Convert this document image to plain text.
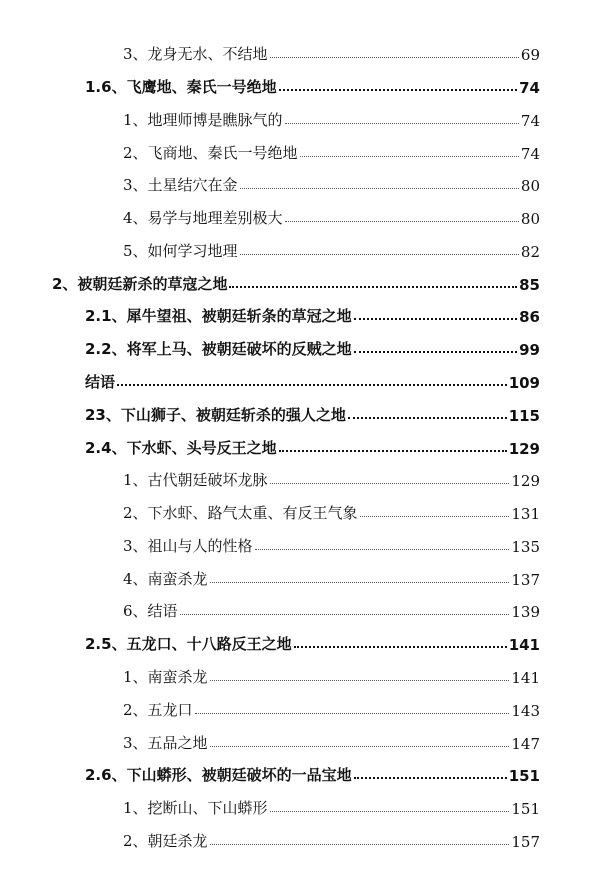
3、龙身无水、不结地	69
1.6、飞鹰地、秦氏一号绝地	74
1、地理师博是瞧脉气的	74
2、飞商地、秦氏一号绝地	74
3、土星结穴在金	80
4、易学与地理差别极大	80
5、如何学习地理	82
2、被朝廷新杀的草寇之地	85
2.1、犀牛望祖、被朝廷斩条的草冠之地	86
2.2、将军上马、被朝廷破坏的反贼之地	99
结语	109
23、下山狮子、被朝廷斩杀的强人之地	115
2.4、下水虾、头号反王之地	129
1、古代朝廷破坏龙脉	129
2、下水虾、路气太重、有反王气象	131
3、祖山与人的性格	135
4、南蛮杀龙	137
6、结语	139
2.5、五龙口、十八路反王之地	141
1、南蛮杀龙	141
2、五龙口	143
3、五品之地	147
2.6、下山蟒形、被朝廷破坏的一品宝地	151
1、挖断山、下山蟒形	151
2、朝廷杀龙	157
